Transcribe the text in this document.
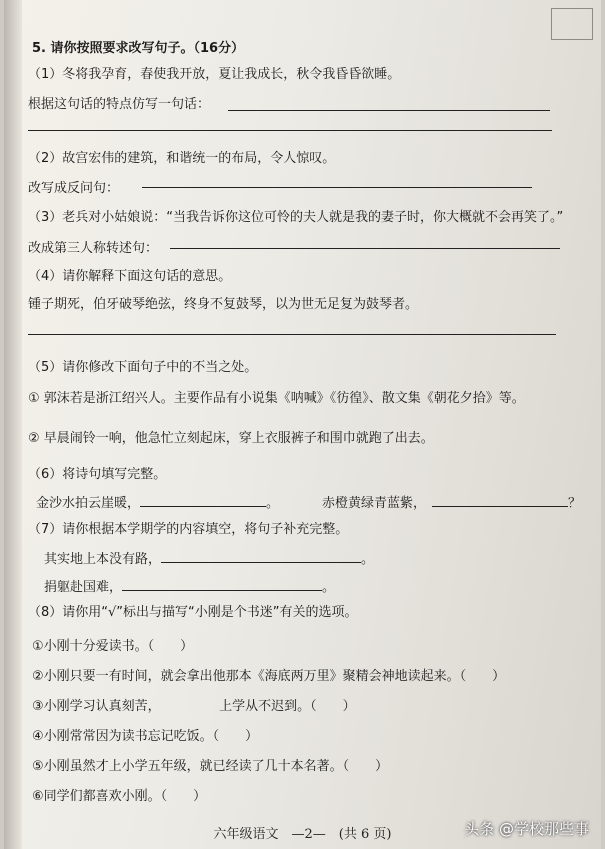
5. 请你按照要求改写句子。（16分）
（1）冬将我孕育，春使我开放，夏让我成长，秋令我昏昏欲睡。
根据这句话的特点仿写一句话：
（2）故宫宏伟的建筑，和谐统一的布局，令人惊叹。
改写成反问句：
（3）老兵对小姑娘说：“当我告诉你这位可怜的夫人就是我的妻子时，你大概就不会再笑了。”
改成第三人称转述句：
（4）请你解释下面这句话的意思。
锺子期死，伯牙破琴绝弦，终身不复鼓琴，以为世无足复为鼓琴者。
（5）请你修改下面句子中的不当之处。
① 郭沫若是浙江绍兴人。主要作品有小说集《呐喊》《彷徨》、散文集《朝花夕拾》等。
② 早晨闹铃一响，他急忙立刻起床，穿上衣服裤子和围巾就跑了出去。
（6）将诗句填写完整。
金沙水拍云崖暖，	。	赤橙黄绿青蓝紫，	？
（7）请你根据本学期学的内容填空，将句子补充完整。
其实地上本没有路，	。
捐躯赴国难，	。
（8）请你用“√”标出与描写“小刚是个书迷”有关的选项。
①小刚十分爱读书。（　　）
②小刚只要一有时间，就会拿出他那本《海底两万里》聚精会神地读起来。（　　）
③小刚学习认真刻苦，　　　　　上学从不迟到。（　　）
④小刚常常因为读书忘记吃饭。（　　）
⑤小刚虽然才上小学五年级，就已经读了几十本名著。（　　）
⑥同学们都喜欢小刚。（　　）
六年级语文　—2—　(共 6 页)	头条 @学校那些事
